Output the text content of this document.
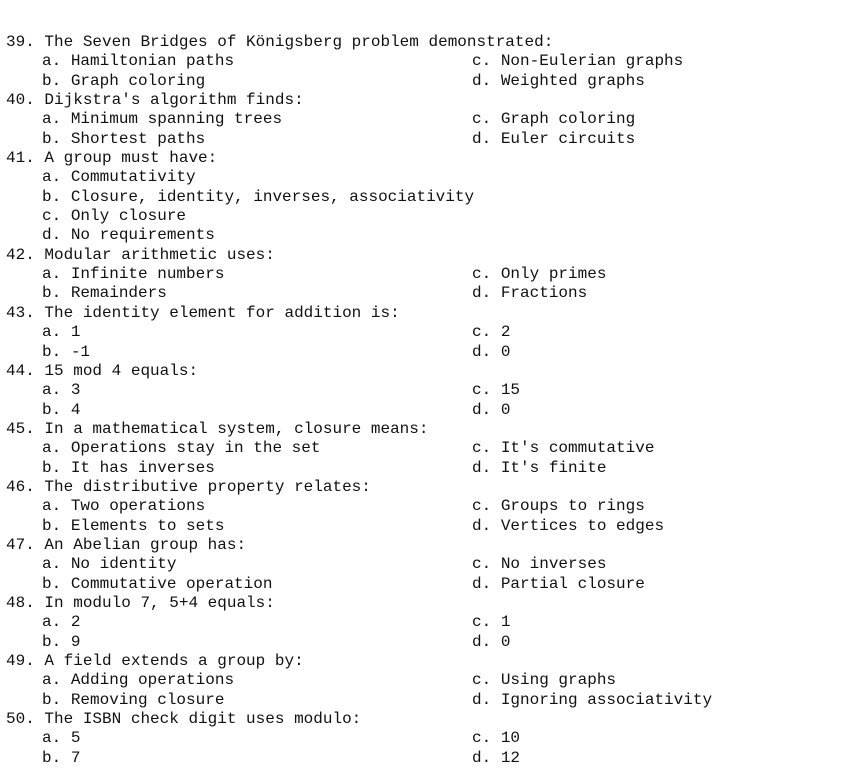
39. The Seven Bridges of Königsberg problem demonstrated:
a. Hamiltonian paths	c. Non-Eulerian graphs
b. Graph coloring	d. Weighted graphs
40. Dijkstra's algorithm finds:
a. Minimum spanning trees	c. Graph coloring
b. Shortest paths	d. Euler circuits
41. A group must have:
a. Commutativity
b. Closure, identity, inverses, associativity
c. Only closure
d. No requirements
42. Modular arithmetic uses:
a. Infinite numbers	c. Only primes
b. Remainders	d. Fractions
43. The identity element for addition is:
a. 1	c. 2
b. -1	d. 0
44. 15 mod 4 equals:
a. 3	c. 15
b. 4	d. 0
45. In a mathematical system, closure means:
a. Operations stay in the set	c. It's commutative
b. It has inverses	d. It's finite
46. The distributive property relates:
a. Two operations	c. Groups to rings
b. Elements to sets	d. Vertices to edges
47. An Abelian group has:
a. No identity	c. No inverses
b. Commutative operation	d. Partial closure
48. In modulo 7, 5+4 equals:
a. 2	c. 1
b. 9	d. 0
49. A field extends a group by:
a. Adding operations	c. Using graphs
b. Removing closure	d. Ignoring associativity
50. The ISBN check digit uses modulo:
a. 5	c. 10
b. 7	d. 12
